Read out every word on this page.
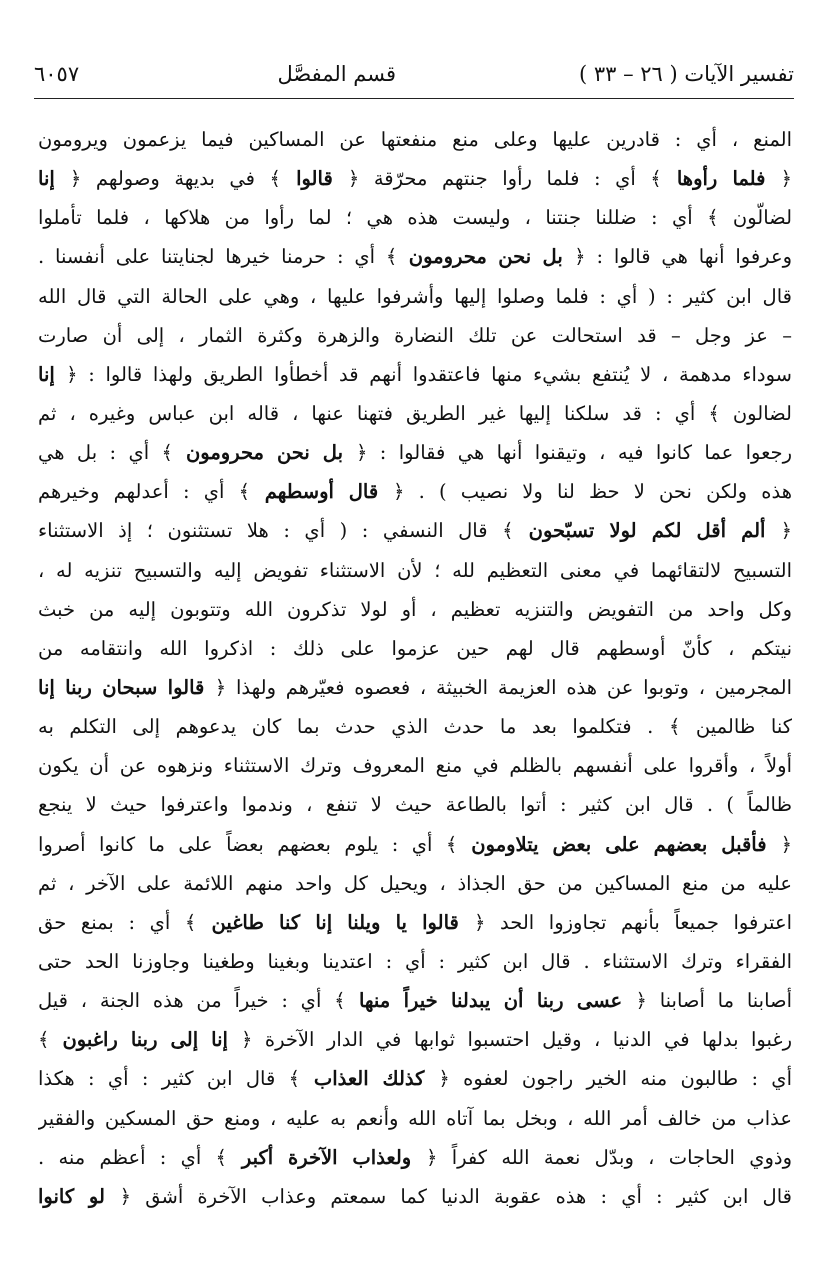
تفسير الآيات ( ٢٦ – ٣٣ )
قسم المفصَّل
٦٠٥٧
المنع ، أي : قادرين عليها وعلى منع منفعتها عن المساكين فيما يزعمون ويرومون
﴿ فلما رأوها ﴾ أي : فلما رأوا جنتهم محرّقة ﴿ قالوا ﴾ في بديهة وصولهم ﴿ إنا
لضالّون ﴾ أي : ضللنا جنتنا ، وليست هذه هي ؛ لما رأوا من هلاكها ، فلما تأملوا
وعرفوا أنها هي قالوا : ﴿ بل نحن محرومون ﴾ أي : حرمنا خيرها لجنايتنا على أنفسنا .
قال ابن كثير : ( أي : فلما وصلوا إليها وأشرفوا عليها ، وهي على الحالة التي قال الله
– عز وجل – قد استحالت عن تلك النضارة والزهرة وكثرة الثمار ، إلى أن صارت
سوداء مدهمة ، لا يُنتفع بشيء منها فاعتقدوا أنهم قد أخطأوا الطريق ولهذا قالوا : ﴿ إنا
لضالون ﴾ أي : قد سلكنا إليها غير الطريق فتهنا عنها ، قاله ابن عباس وغيره ، ثم
رجعوا عما كانوا فيه ، وتيقنوا أنها هي فقالوا : ﴿ بل نحن محرومون ﴾ أي : بل هي
هذه ولكن نحن لا حظ لنا ولا نصيب ) . ﴿ قال أوسطهم ﴾ أي : أعدلهم وخيرهم
﴿ ألم أقل لكم لولا تسبّحون ﴾ قال النسفي : ( أي : هلا تستثنون ؛ إذ الاستثناء
التسبيح لالتقائهما في معنى التعظيم لله ؛ لأن الاستثناء تفويض إليه والتسبيح تنزيه له ،
وكل واحد من التفويض والتنزيه تعظيم ، أو لولا تذكرون الله وتتوبون إليه من خبث
نيتكم ، كأنّ أوسطهم قال لهم حين عزموا على ذلك : اذكروا الله وانتقامه من
المجرمين ، وتوبوا عن هذه العزيمة الخبيثة ، فعصوه فعيّرهم ولهذا ﴿ قالوا سبحان ربنا إنا
كنا ظالمين ﴾ . فتكلموا بعد ما حدث الذي حدث بما كان يدعوهم إلى التكلم به
أولاً ، وأقروا على أنفسهم بالظلم في منع المعروف وترك الاستثناء ونزهوه عن أن يكون
ظالماً ) . قال ابن كثير : أتوا بالطاعة حيث لا تنفع ، وندموا واعترفوا حيث لا ينجع
﴿ فأقبل بعضهم على بعض يتلاومون ﴾ أي : يلوم بعضهم بعضاً على ما كانوا أصروا
عليه من منع المساكين من حق الجذاذ ، ويحيل كل واحد منهم اللائمة على الآخر ، ثم
اعترفوا جميعاً بأنهم تجاوزوا الحد ﴿ قالوا يا ويلنا إنا كنا طاغين ﴾ أي : بمنع حق
الفقراء وترك الاستثناء . قال ابن كثير : أي : اعتدينا وبغينا وطغينا وجاوزنا الحد حتى
أصابنا ما أصابنا ﴿ عسى ربنا أن يبدلنا خيراً منها ﴾ أي : خيراً من هذه الجنة ، قيل
رغبوا بدلها في الدنيا ، وقيل احتسبوا ثوابها في الدار الآخرة ﴿ إنا إلى ربنا راغبون ﴾
أي : طالبون منه الخير راجون لعفوه ﴿ كذلك العذاب ﴾ قال ابن كثير : أي : هكذا
عذاب من خالف أمر الله ، وبخل بما آتاه الله وأنعم به عليه ، ومنع حق المسكين والفقير
وذوي الحاجات ، وبدّل نعمة الله كفراً ﴿ ولعذاب الآخرة أكبر ﴾ أي : أعظم منه .
قال ابن كثير : أي : هذه عقوبة الدنيا كما سمعتم وعذاب الآخرة أشق ﴿ لو كانوا
